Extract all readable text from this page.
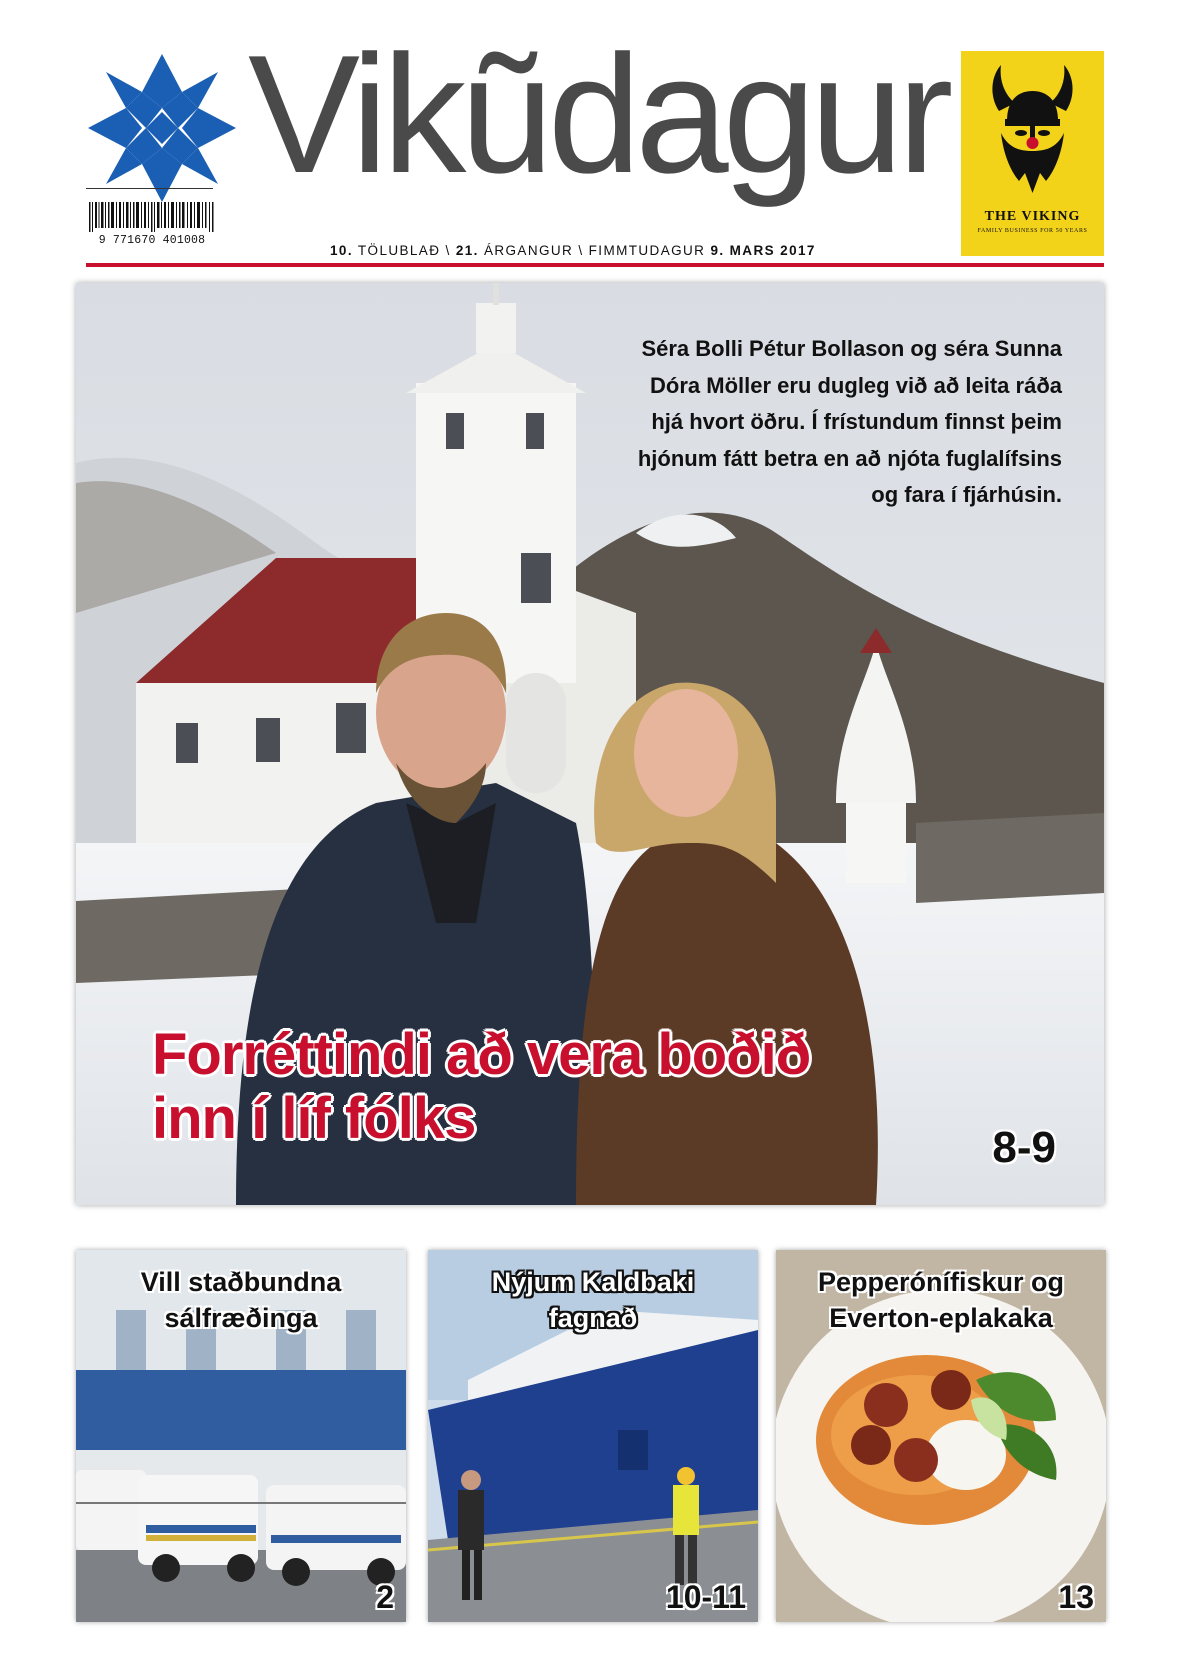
Vikũdagur
9 771670 401008
10. TÖLUBLAÐ \ 21. ÁRGANGUR \ FIMMTUDAGUR 9. MARS 2017
THE VIKING
FAMILY BUSINESS FOR 50 YEARS
Séra Bolli Pétur Bollason og séra Sunna Dóra Möller eru dugleg við að leita ráða hjá hvort öðru. Í frístundum finnst þeim hjónum fátt betra en að njóta fuglalífsins og fara í fjárhúsin.
Forréttindi að vera boðið
inn í líf fólks	8-9
Vill staðbundna
sálfræðinga
2
Nýjum Kaldbaki
fagnað
10-11
Pepperónífiskur og
Everton-eplakaka
13
